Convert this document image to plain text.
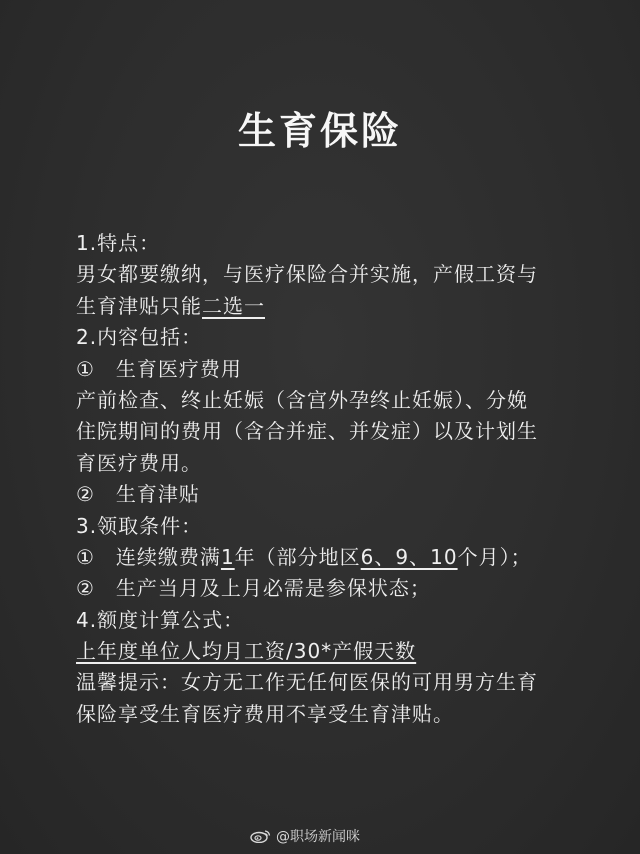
生育保险
1.特点：
男女都要缴纳，与医疗保险合并实施，产假工资与
生育津贴只能二选一
2.内容包括：
①　生育医疗费用
产前检查、终止妊娠（含宫外孕终止妊娠）、分娩
住院期间的费用（含合并症、并发症）以及计划生
育医疗费用。
②　生育津贴
3.领取条件：
①　连续缴费满1年（部分地区6、9、10个月）；
②　生产当月及上月必需是参保状态；
4.额度计算公式：
上年度单位人均月工资/30*产假天数
温馨提示：女方无工作无任何医保的可用男方生育
保险享受生育医疗费用不享受生育津贴。
@职场新闻咪
